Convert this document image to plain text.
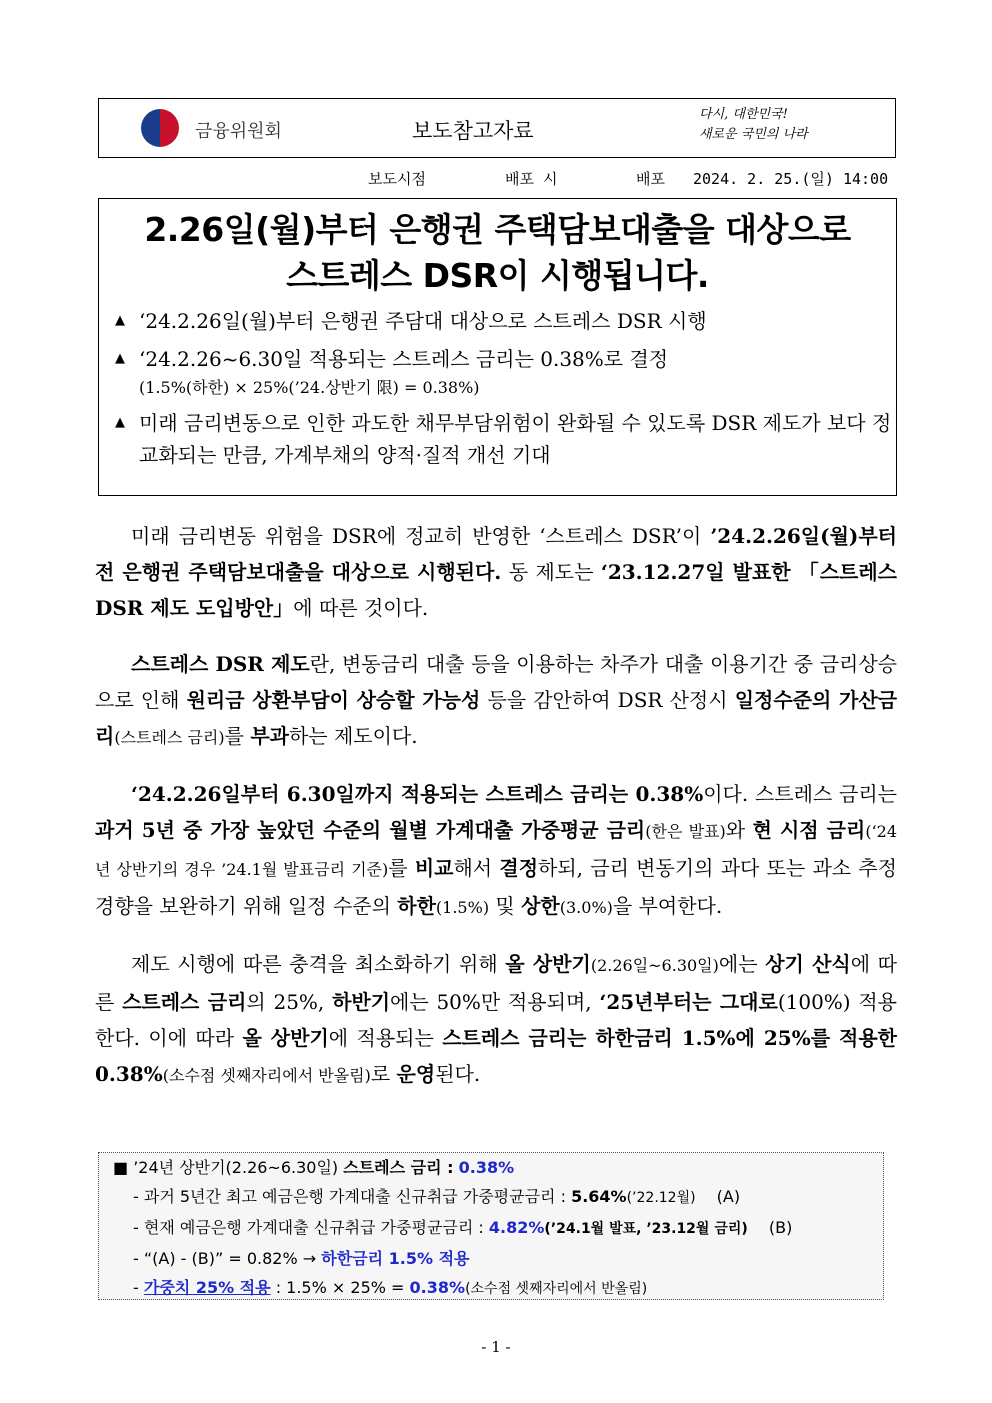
금융위원회	보도참고자료
다시, 대한민국!
새로운 국민의 나라
보도시점	배포 시	배포 2024. 2. 25.(일) 14:00
2.26일(월)부터 은행권 주택담보대출을 대상으로
스트레스 DSR이 시행됩니다.
▲ ‘24.2.26일(월)부터 은행권 주담대 대상으로 스트레스 DSR 시행
▲ ‘24.2.26~6.30일 적용되는 스트레스 금리는 0.38%로 결정
(1.5%(하한) × 25%(’24.상반기 限) = 0.38%)
▲ 미래 금리변동으로 인한 과도한 채무부담위험이 완화될 수 있도록 DSR 제도가 보다 정교화되는 만큼, 가계부채의 양적·질적 개선 기대

미래 금리변동 위험을 DSR에 정교히 반영한 ‘스트레스 DSR’이 ’24.2.26일(월)부터 전 은행권 주택담보대출을 대상으로 시행된다. 동 제도는 ‘23.12.27일 발표한 「스트레스 DSR 제도 도입방안」에 따른 것이다.

스트레스 DSR 제도란, 변동금리 대출 등을 이용하는 차주가 대출 이용기간 중 금리상승으로 인해 원리금 상환부담이 상승할 가능성 등을 감안하여 DSR 산정시 일정수준의 가산금리(스트레스 금리)를 부과하는 제도이다.

‘24.2.26일부터 6.30일까지 적용되는 스트레스 금리는 0.38%이다. 스트레스 금리는 과거 5년 중 가장 높았던 수준의 월별 가계대출 가중평균 금리(한은 발표)와 현 시점 금리(‘24년 상반기의 경우 ’24.1월 발표금리 기준)를 비교해서 결정하되, 금리 변동기의 과다 또는 과소 추정 경향을 보완하기 위해 일정 수준의 하한(1.5%) 및 상한(3.0%)을 부여한다.

제도 시행에 따른 충격을 최소화하기 위해 올 상반기(2.26일~6.30일)에는 상기 산식에 따른 스트레스 금리의 25%, 하반기에는 50%만 적용되며, ‘25년부터는 그대로(100%) 적용한다. 이에 따라 올 상반기에 적용되는 스트레스 금리는 하한금리 1.5%에 25%를 적용한 0.38%(소수점 셋째자리에서 반올림)로 운영된다.

■ ’24년 상반기(2.26~6.30일) 스트레스 금리 : 0.38%
- 과거 5년간 최고 예금은행 가계대출 신규취급 가중평균금리 : 5.64%(’22.12월) (A)
- 현재 예금은행 가계대출 신규취급 가중평균금리 : 4.82%(’24.1월 발표, ’23.12월 금리) (B)
- “(A) - (B)” = 0.82% → 하한금리 1.5% 적용
- 가중치 25% 적용 : 1.5% × 25% = 0.38%(소수점 셋째자리에서 반올림)
- 1 -
